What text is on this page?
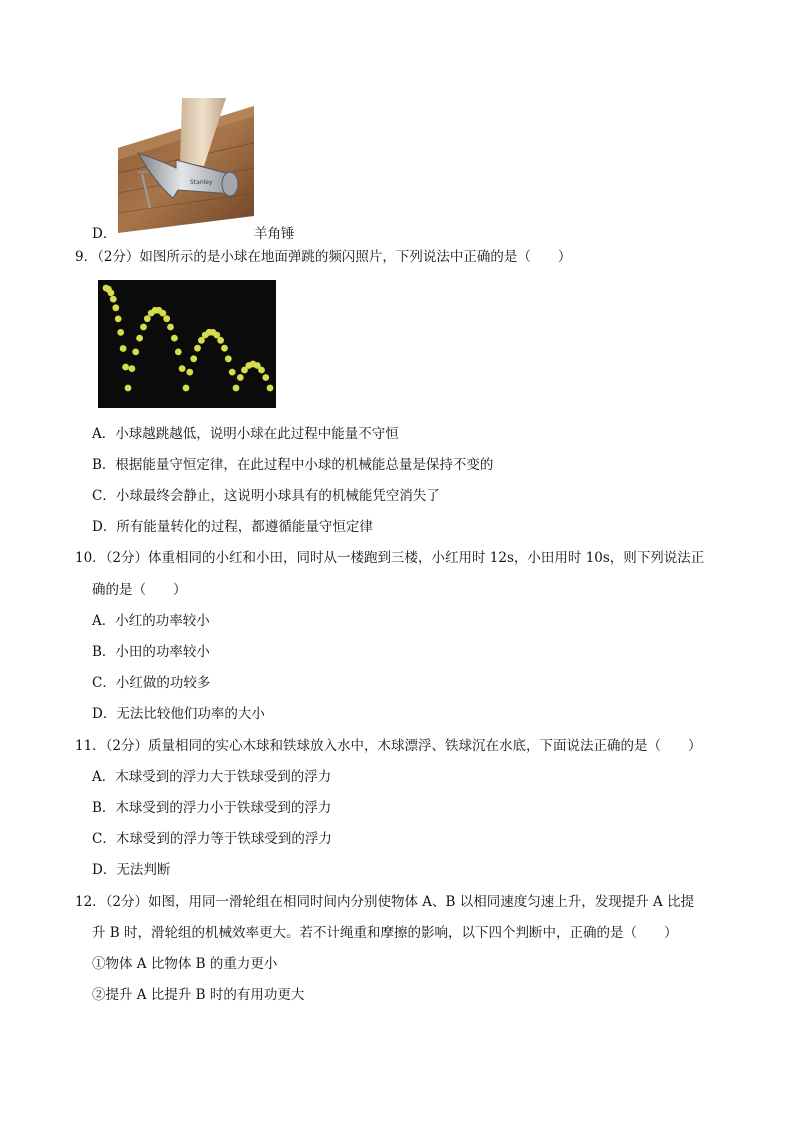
Stanley
D．	羊角锤
9．（2分）如图所示的是小球在地面弹跳的频闪照片，下列说法中正确的是（　　）
A．小球越跳越低，说明小球在此过程中能量不守恒
B．根据能量守恒定律，在此过程中小球的机械能总量是保持不变的
C．小球最终会静止，这说明小球具有的机械能凭空消失了
D．所有能量转化的过程，都遵循能量守恒定律
10．（2分）体重相同的小红和小田，同时从一楼跑到三楼，小红用时 12s，小田用时 10s，则下列说法正
确的是（　　）
A．小红的功率较小
B．小田的功率较小
C．小红做的功较多
D．无法比较他们功率的大小
11．（2分）质量相同的实心木球和铁球放入水中，木球漂浮、铁球沉在水底，下面说法正确的是（　　）
A．木球受到的浮力大于铁球受到的浮力
B．木球受到的浮力小于铁球受到的浮力
C．木球受到的浮力等于铁球受到的浮力
D．无法判断
12．（2分）如图，用同一滑轮组在相同时间内分别使物体 A、B 以相同速度匀速上升，发现提升 A 比提
升 B 时，滑轮组的机械效率更大。若不计绳重和摩擦的影响，以下四个判断中，正确的是（　　）
①物体 A 比物体 B 的重力更小
②提升 A 比提升 B 时的有用功更大
